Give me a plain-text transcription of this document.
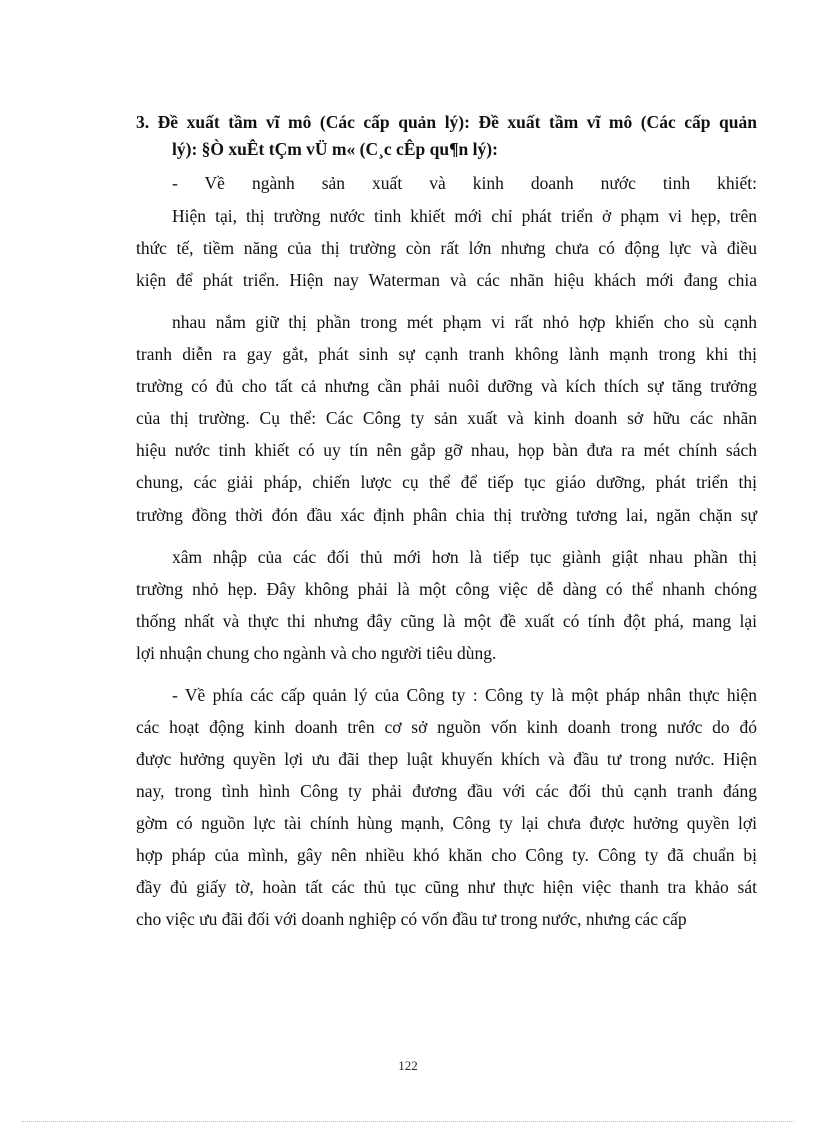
3. Đề xuất tầm vĩ mô (Các cấp quản lý): Đề xuất tầm vĩ mô (Các cấp quản
lý): §Ò xuÊt tÇm vÜ m« (C¸c cÊp qu¶n lý):
- Về ngành sản xuất và kinh doanh nước tinh khiết:
Hiện tại, thị trường nước tinh khiết mới chỉ phát triển ở phạm vi hẹp, trên
thức tế, tiềm năng của thị trường còn rất lớn nhưng chưa có động lực và điều
kiện để phát triển. Hiện nay Waterman và các nhãn hiệu khách mới đang chia
nhau nắm giữ thị phần trong mét phạm vi rất nhỏ hợp khiến cho sù cạnh
tranh diễn ra gay gắt, phát sinh sự cạnh tranh không lành mạnh trong khi thị
trường có đủ cho tất cả nhưng cần phải nuôi dưỡng và kích thích sự tăng trưởng
của thị trường. Cụ thể: Các Công ty sản xuất và kinh doanh sở hữu các nhãn
hiệu nước tinh khiết có uy tín nên gắp gỡ nhau, họp bàn đưa ra mét chính sách
chung, các giải pháp, chiến lược cụ thể để tiếp tục giáo dưỡng, phát triển thị
trường đồng thời đón đầu xác định phân chia thị trường tương lai, ngăn chặn sự
xâm nhập của các đối thủ mới hơn là tiếp tục giành giật nhau phần thị
trường nhỏ hẹp. Đây không phải là một công việc dễ dàng có thể nhanh chóng
thống nhất và thực thi nhưng đây cũng là một đề xuất có tính đột phá, mang lại
lợi nhuận chung cho ngành và cho người tiêu dùng.
- Về phía các cấp quản lý của Công ty : Công ty là một pháp nhân thực hiện
các hoạt động kinh doanh trên cơ sở nguồn vốn kinh doanh trong nước do đó
được hưởng quyền lợi ưu đãi thep luật khuyến khích và đầu tư trong nước. Hiện
nay, trong tình hình Công ty phải đương đầu với các đối thủ cạnh tranh đáng
gờm có nguồn lực tài chính hùng mạnh, Công ty lại chưa được hưởng quyền lợi
hợp pháp của mình, gây nên nhiều khó khăn cho Công ty. Công ty đã chuẩn bị
đầy đủ giấy tờ, hoàn tất các thủ tục cũng như thực hiện việc thanh tra khảo sát
cho việc ưu đãi đối với doanh nghiệp có vốn đầu tư trong nước, nhưng các cấp
122
